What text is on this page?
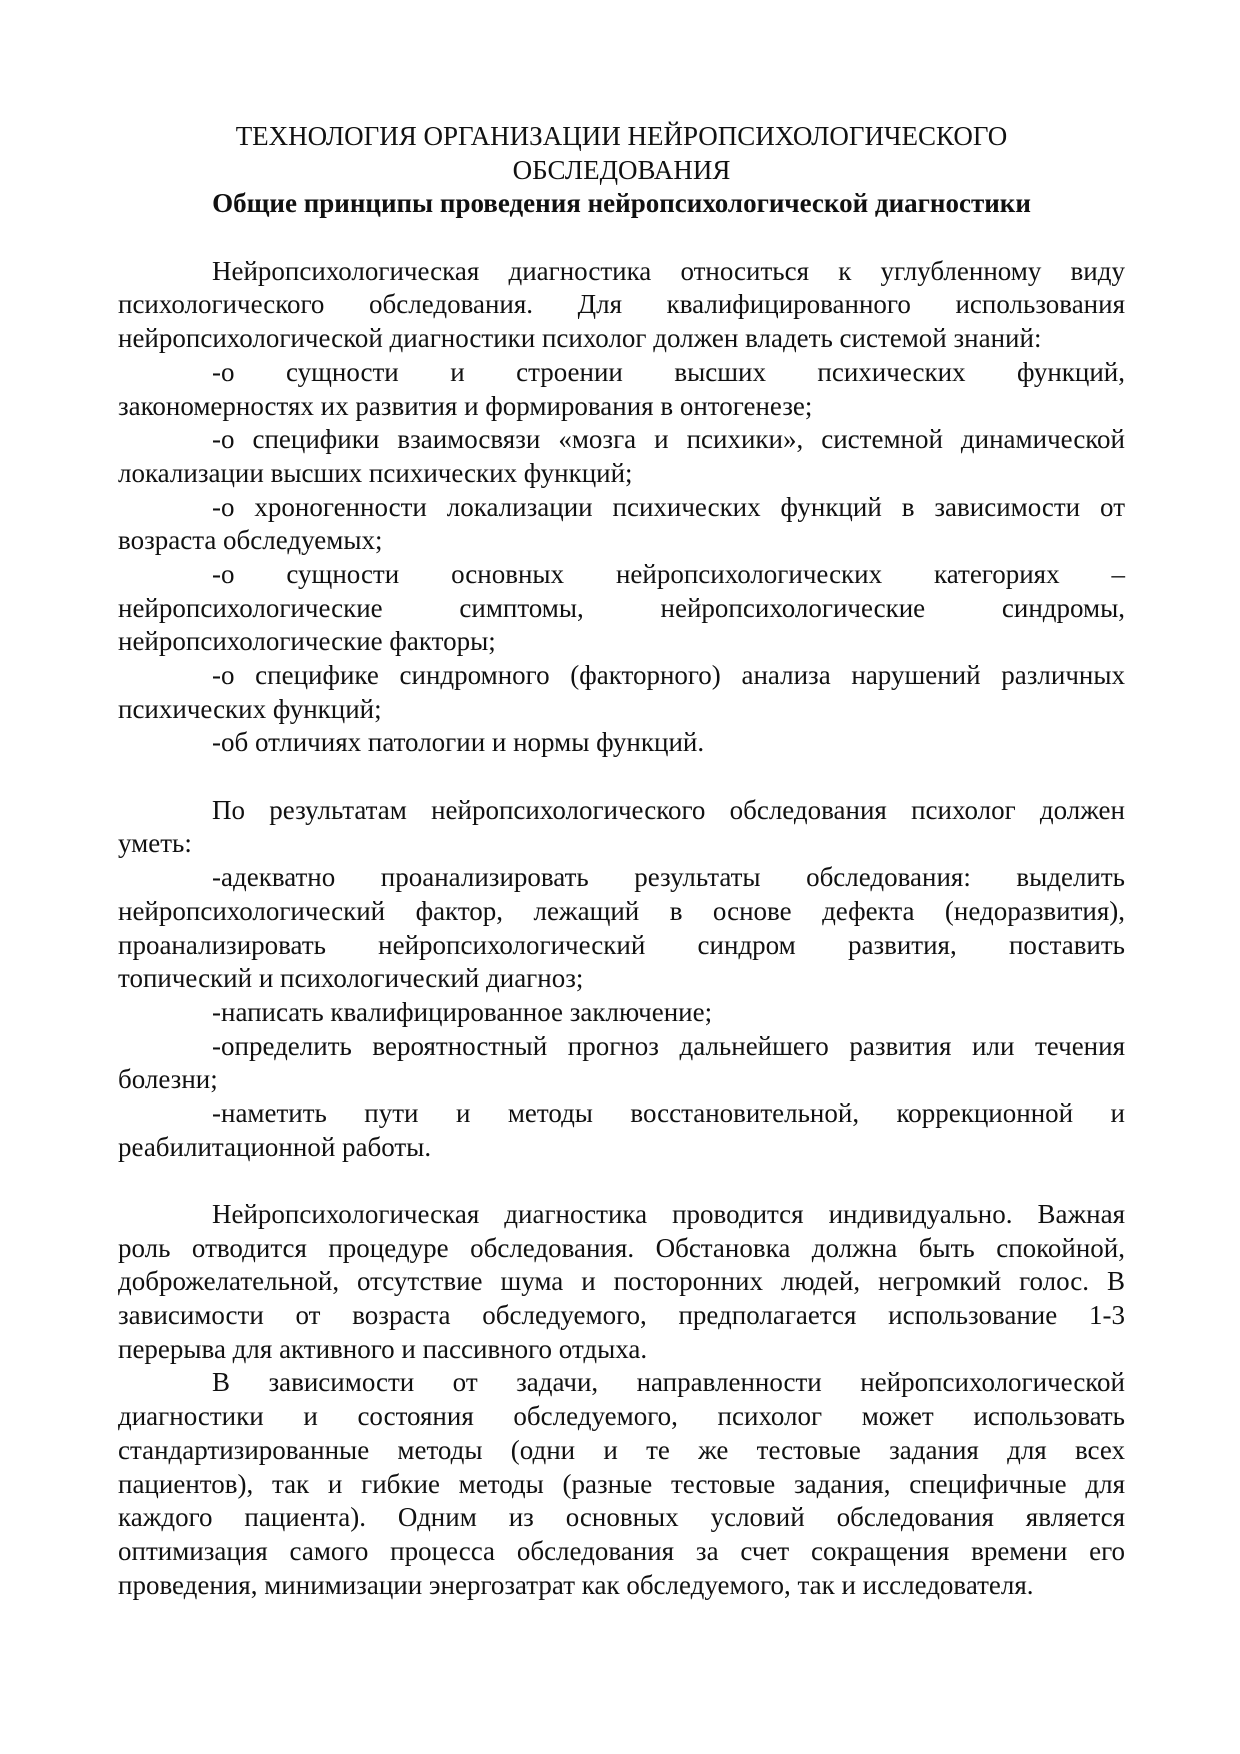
ТЕХНОЛОГИЯ ОРГАНИЗАЦИИ НЕЙРОПСИХОЛОГИЧЕСКОГО
ОБСЛЕДОВАНИЯ
Общие принципы проведения нейропсихологической диагностики
Нейропсихологическая диагностика относиться к углубленному виду
психологического обследования. Для квалифицированного использования
нейропсихологической диагностики психолог должен владеть системой знаний:
-о сущности и строении высших психических функций,
закономерностях их развития и формирования в онтогенезе;
-о специфики взаимосвязи «мозга и психики», системной динамической
локализации высших психических функций;
-о хроногенности локализации психических функций в зависимости от
возраста обследуемых;
-о сущности основных нейропсихологических категориях –
нейропсихологические симптомы, нейропсихологические синдромы,
нейропсихологические факторы;
-о специфике синдромного (факторного) анализа нарушений различных
психических функций;
-об отличиях патологии и нормы функций.
По результатам нейропсихологического обследования психолог должен
уметь:
-адекватно проанализировать результаты обследования: выделить
нейропсихологический фактор, лежащий в основе дефекта (недоразвития),
проанализировать нейропсихологический синдром развития, поставить
топический и психологический диагноз;
-написать квалифицированное заключение;
-определить вероятностный прогноз дальнейшего развития или течения
болезни;
-наметить пути и методы восстановительной, коррекционной и
реабилитационной работы.
Нейропсихологическая диагностика проводится индивидуально. Важная
роль отводится процедуре обследования. Обстановка должна быть спокойной,
доброжелательной, отсутствие шума и посторонних людей, негромкий голос. В
зависимости от возраста обследуемого, предполагается использование 1-3
перерыва для активного и пассивного отдыха.
В зависимости от задачи, направленности нейропсихологической
диагностики и состояния обследуемого, психолог может использовать
стандартизированные методы (одни и те же тестовые задания для всех
пациентов), так и гибкие методы (разные тестовые задания, специфичные для
каждого пациента). Одним из основных условий обследования является
оптимизация самого процесса обследования за счет сокращения времени его
проведения, минимизации энергозатрат как обследуемого, так и исследователя.
